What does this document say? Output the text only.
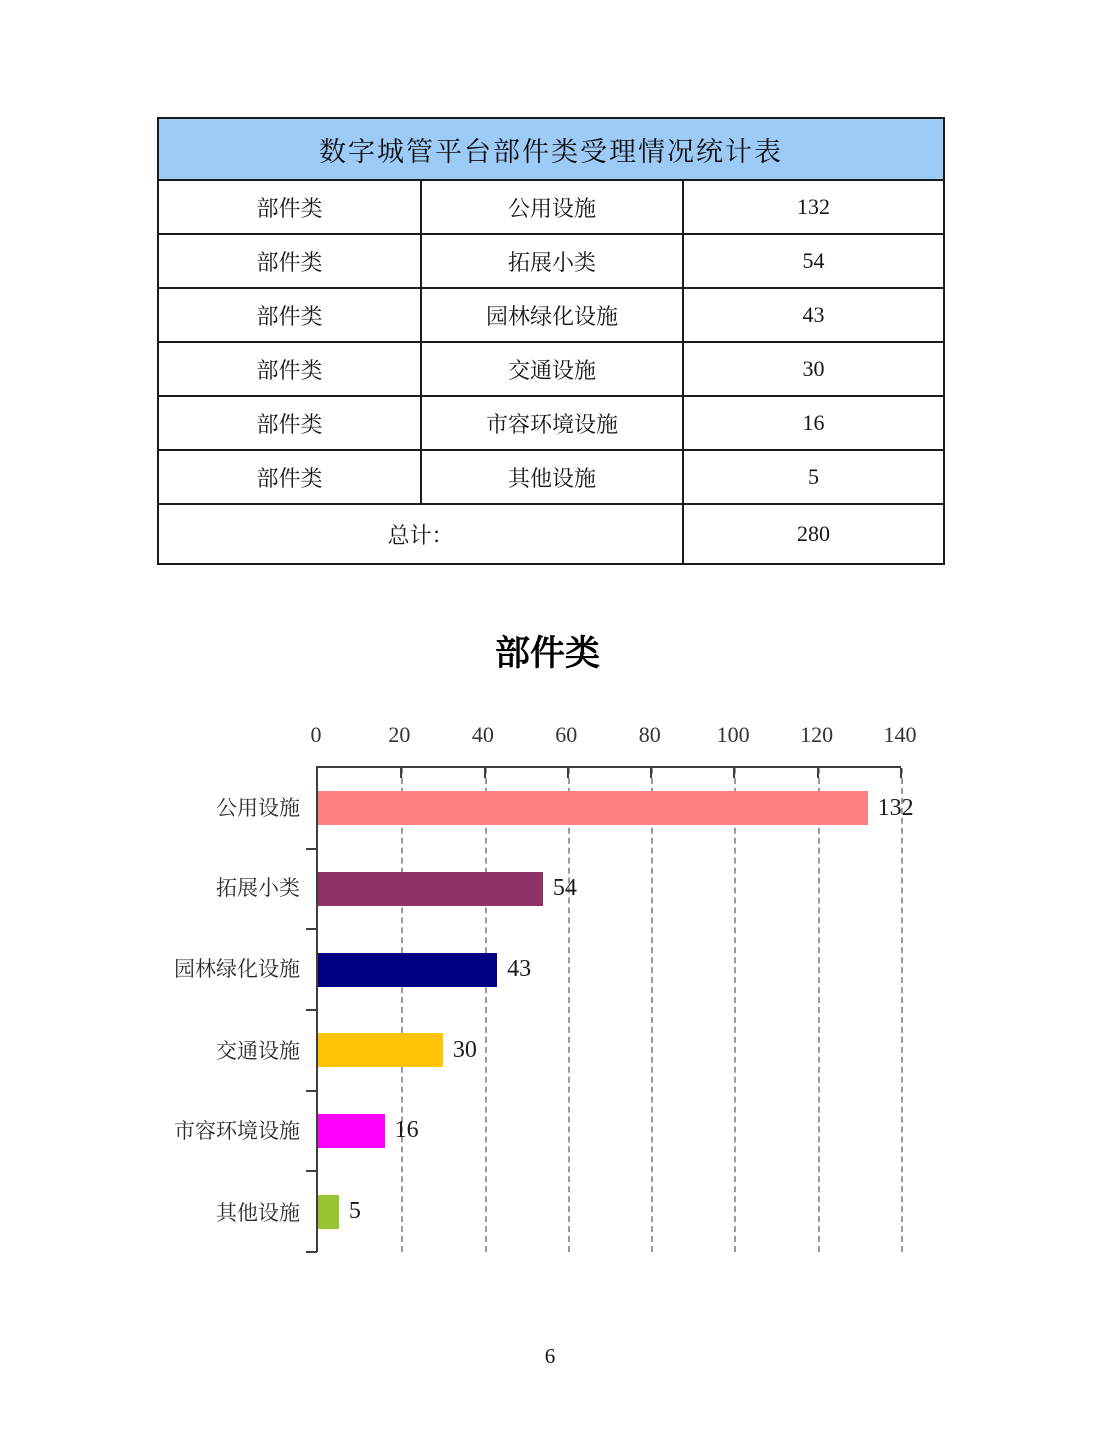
数字城管平台部件类受理情况统计表		
部件类	公用设施	132
部件类	拓展小类	54
部件类	园林绿化设施	43
部件类	交通设施	30
部件类	市容环境设施	16
部件类	其他设施	5
总计：		280
部件类
0	20	40	60	80	100 120 140
132
54
43
30
16
5
公用设施
拓展小类
园林绿化设施
交通设施
市容环境设施
其他设施
6
